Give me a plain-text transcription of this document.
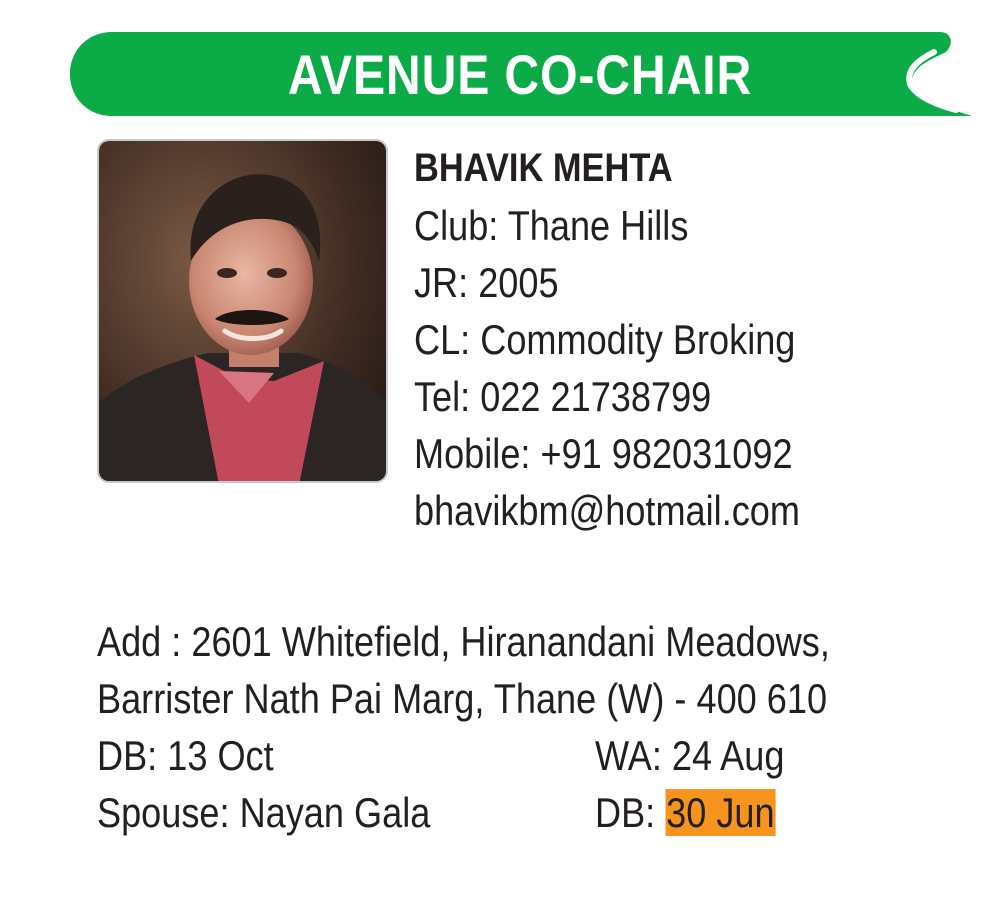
AVENUE CO-CHAIR
BHAVIK MEHTA
Club: Thane Hills
JR: 2005
CL: Commodity Broking
Tel: 022 21738799
Mobile: +91 982031092
bhavikbm@hotmail.com
Add : 2601 Whitefield, Hiranandani Meadows,
Barrister Nath Pai Marg, Thane (W) - 400 610
DB: 13 Oct	WA: 24 Aug
Spouse: Nayan Gala	DB: 30 Jun
